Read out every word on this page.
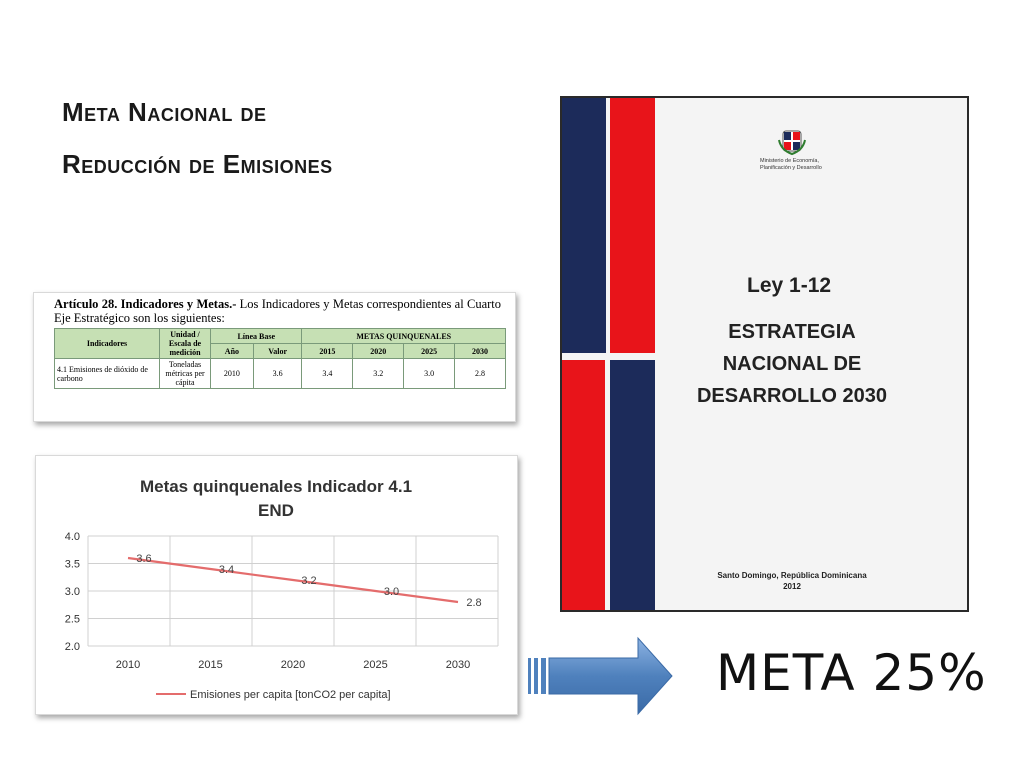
Meta Nacional de
Reducción de Emisiones

Artículo 28. Indicadores y Metas.- Los Indicadores y Metas correspondientes al Cuarto Eje Estratégico son los siguientes:

Indicadores	Unidad / Escala de medición	Línea Base		METAS QUINQUENALES			
		Año	Valor	2015	2020	2025	2030
4.1 Emisiones de dióxido de carbono	Toneladas métricas per cápita	2010	3.6	3.4	3.2	3.0	2.8
Metas quinquenales Indicador 4.1
END
4.0
3.5
3.0
2.5
2.0
2010	2015	2020	2025	2030
3.6
3.4
3.2
3.0
2.8
Emisiones per capita [tonCO2 per capita]
Ministerio de Economía,
Planificación y Desarrollo
Ley 1-12
ESTRATEGIA
NACIONAL DE
DESARROLLO 2030
Santo Domingo, República Dominicana
2012
META 25%
